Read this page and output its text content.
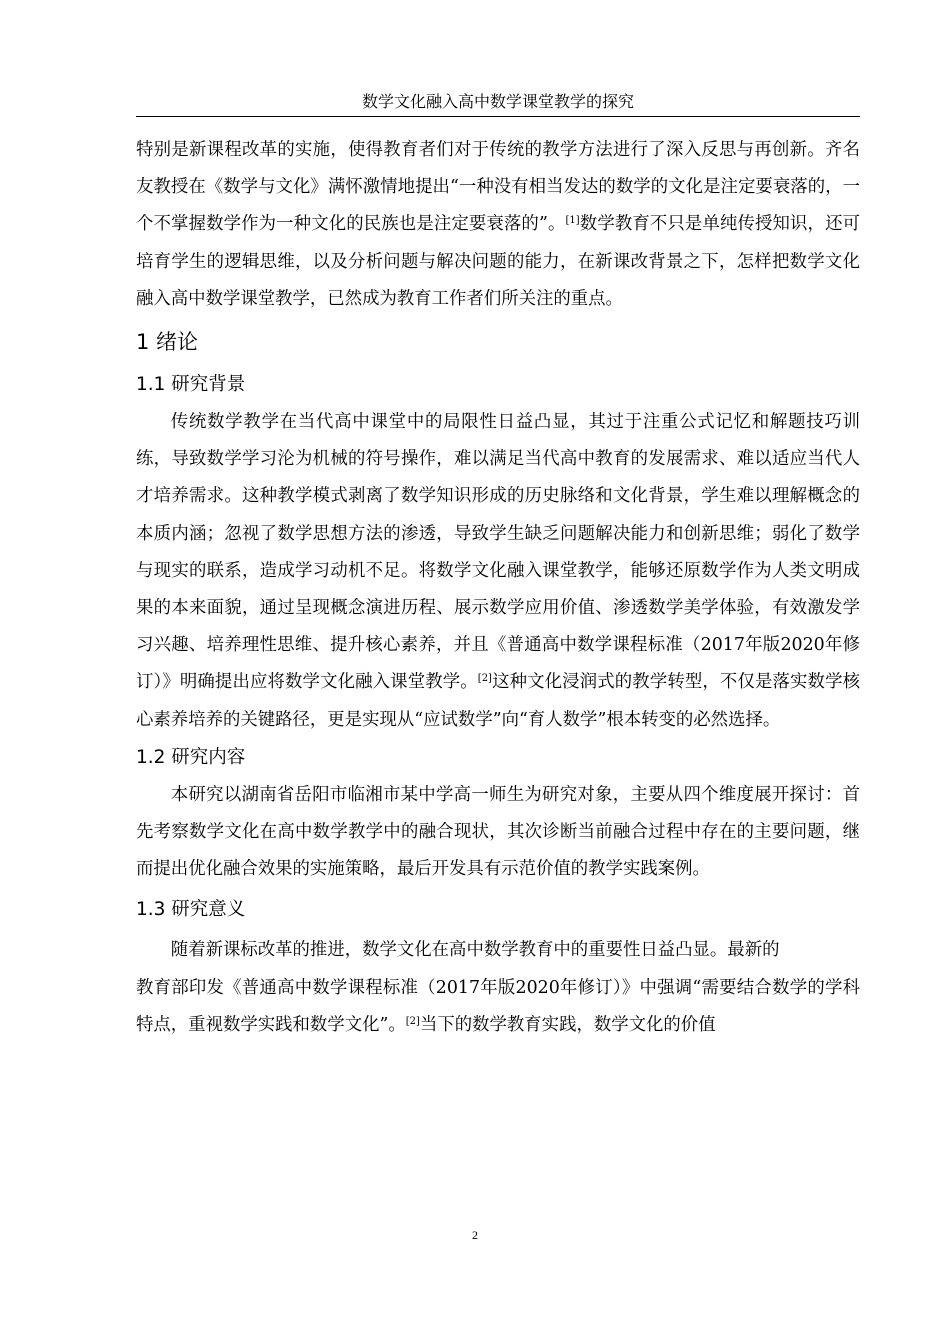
数学文化融入高中数学课堂教学的探究

特别是新课程改革的实施，使得教育者们对于传统的教学方法进行了深入反思与再创新。齐名友教授在《数学与文化》满怀激情地提出“一种没有相当发达的数学的文化是注定要衰落的，一个不掌握数学作为一种文化的民族也是注定要衰落的”。[1]数学教育不只是单纯传授知识，还可培育学生的逻辑思维，以及分析问题与解决问题的能力，在新课改背景之下，怎样把数学文化融入高中数学课堂教学，已然成为教育工作者们所关注的重点。

1 绪论
1.1 研究背景

传统数学教学在当代高中课堂中的局限性日益凸显，其过于注重公式记忆和解题技巧训练，导致数学学习沦为机械的符号操作，难以满足当代高中教育的发展需求、难以适应当代人才培养需求。这种教学模式剥离了数学知识形成的历史脉络和文化背景，学生难以理解概念的本质内涵；忽视了数学思想方法的渗透，导致学生缺乏问题解决能力和创新思维；弱化了数学与现实的联系，造成学习动机不足。将数学文化融入课堂教学，能够还原数学作为人类文明成果的本来面貌，通过呈现概念演进历程、展示数学应用价值、渗透数学美学体验，有效激发学习兴趣、培养理性思维、提升核心素养，并且《普通高中数学课程标准（2017年版2020年修订）》明确提出应将数学文化融入课堂教学。[2]这种文化浸润式的教学转型，不仅是落实数学核心素养培养的关键路径，更是实现从“应试数学”向“育人数学”根本转变的必然选择。

1.2 研究内容

本研究以湖南省岳阳市临湘市某中学高一师生为研究对象，主要从四个维度展开探讨：首先考察数学文化在高中数学教学中的融合现状，其次诊断当前融合过程中存在的主要问题，继而提出优化融合效果的实施策略，最后开发具有示范价值的教学实践案例。

1.3 研究意义

随着新课标改革的推进，数学文化在高中数学教育中的重要性日益凸显。最新的

教育部印发《普通高中数学课程标准（2017年版2020年修订）》中强调“需要结合数学的学科特点，重视数学实践和数学文化”。[2]当下的数学教育实践，数学文化的价值

2
